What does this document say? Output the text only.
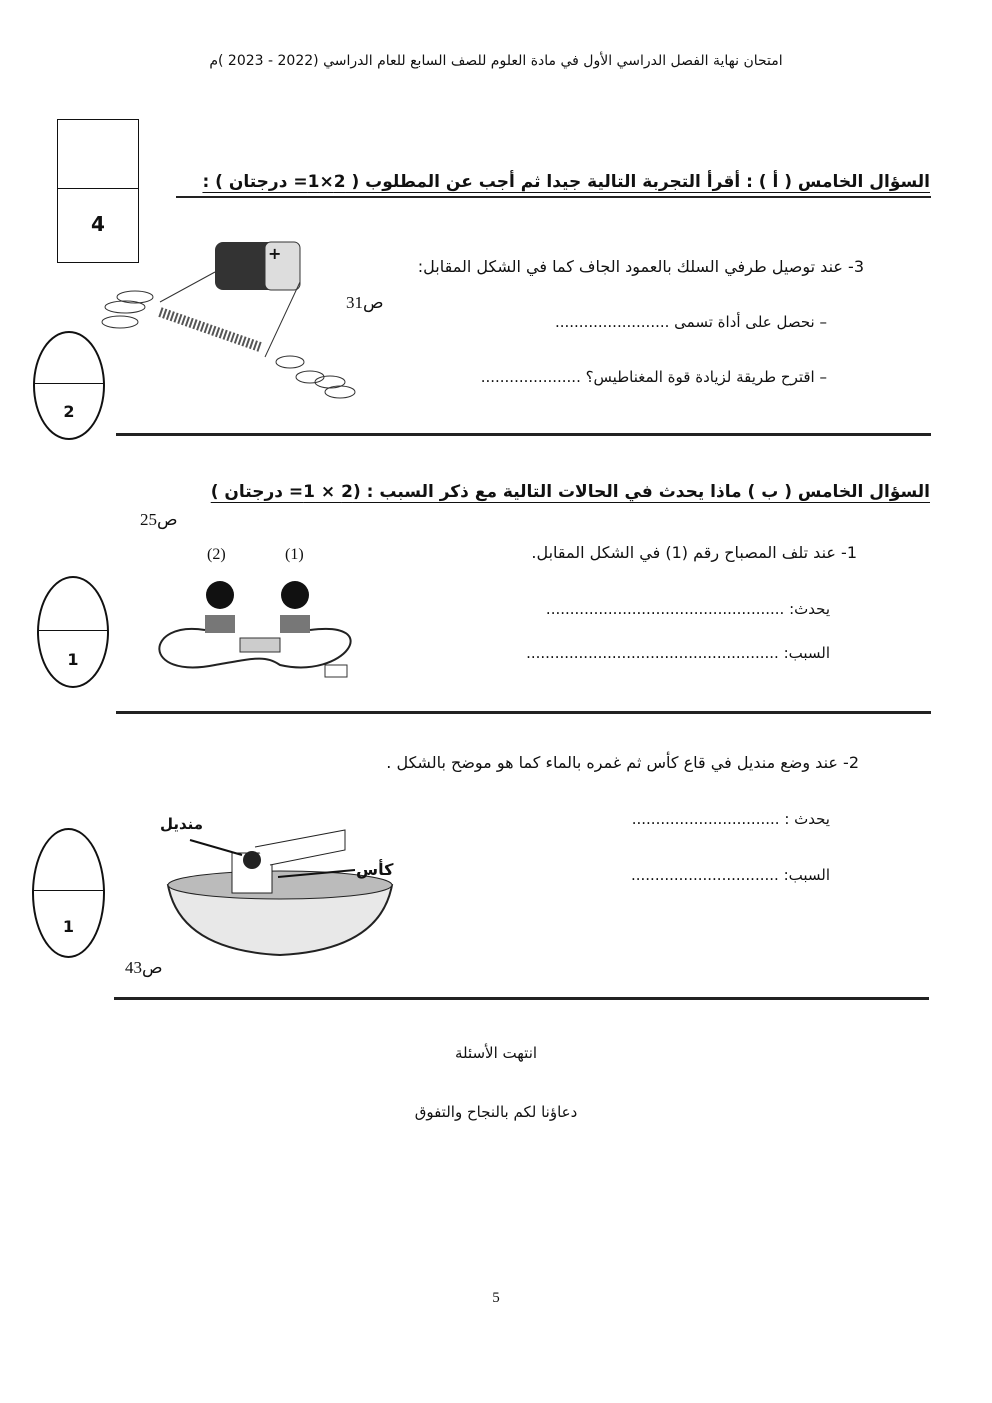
امتحان نهاية الفصل الدراسي الأول في مادة العلوم للصف السابع للعام الدراسي (2022 - 2023 )م
4
السؤال الخامس ( أ ) : أقرأ التجربة التالية جيدا ثم أجب عن المطلوب ( 2×1= درجتان ) :
+
3- عند توصيل طرفي السلك بالعمود الجاف كما في الشكل المقابل:
ص31
– نحصل على أداة تسمى ........................
– اقترح طريقة لزيادة قوة المغناطيس؟ .....................
2
السؤال الخامس ( ب ) ماذا يحدث في الحالات التالية مع ذكر السبب : (2 × 1= درجتان )
ص25
(1)
(2)	1- عند تلف المصباح رقم (1) في الشكل المقابل.
يحدث: ..................................................
السبب: .....................................................
1
2- عند وضع منديل في قاع كأس ثم غمره بالماء كما هو موضح بالشكل .
يحدث : ...............................
السبب: ...............................
منديل
كأس
ص43
1
انتهت الأسئلة
دعاؤنا لكم بالنجاح والتفوق
5
